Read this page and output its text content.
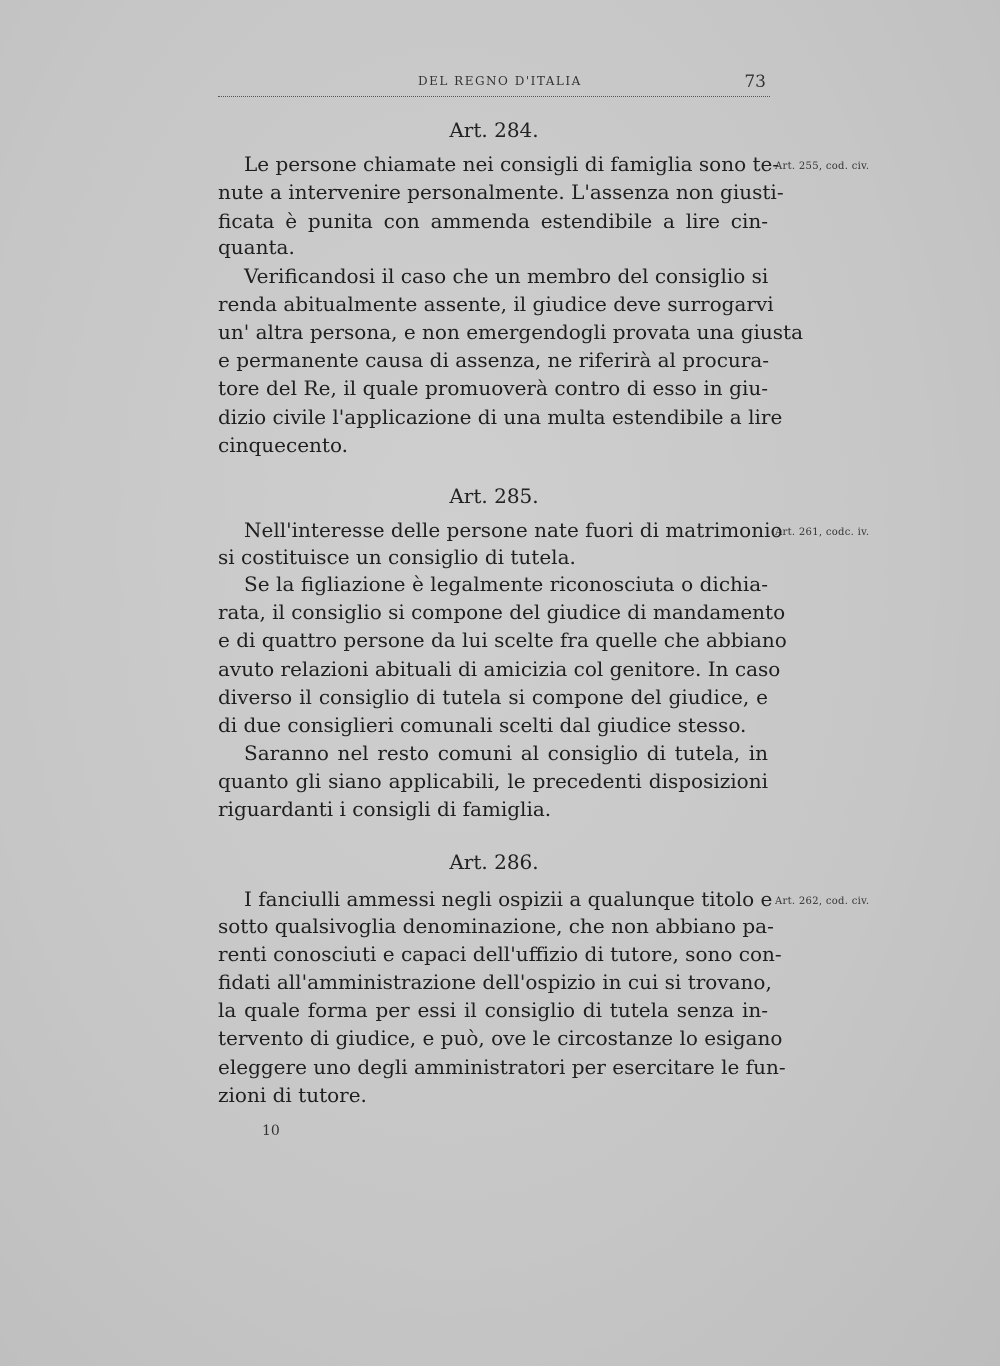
DEL REGNO D'ITALIA	73
Art. 284.
Art. 255, cod. civ.
Le persone chiamate nei consigli di famiglia sono te-
nute a intervenire personalmente. L'assenza non giusti-
ficata è punita con ammenda estendibile a lire cin-
quanta.
Verificandosi il caso che un membro del consiglio si
renda abitualmente assente, il giudice deve surrogarvi
un' altra persona, e non emergendogli provata una giusta
e permanente causa di assenza, ne riferirà al procura-
tore del Re, il quale promuoverà contro di esso in giu-
dizio civile l'applicazione di una multa estendibile a lire
cinquecento.
Art. 285.
Art. 261, codc. iv.
Nell'interesse delle persone nate fuori di matrimonio
si costituisce un consiglio di tutela.
Se la figliazione è legalmente riconosciuta o dichia-
rata, il consiglio si compone del giudice di mandamento
e di quattro persone da lui scelte fra quelle che abbiano
avuto relazioni abituali di amicizia col genitore. In caso
diverso il consiglio di tutela si compone del giudice, e
di due consiglieri comunali scelti dal giudice stesso.
Saranno nel resto comuni al consiglio di tutela, in
quanto gli siano applicabili, le precedenti disposizioni
riguardanti i consigli di famiglia.
Art. 286.
Art. 262, cod. civ.
I fanciulli ammessi negli ospizii a qualunque titolo e
sotto qualsivoglia denominazione, che non abbiano pa-
renti conosciuti e capaci dell'uffizio di tutore, sono con-
fidati all'amministrazione dell'ospizio in cui si trovano,
la quale forma per essi il consiglio di tutela senza in-
tervento di giudice, e può, ove le circostanze lo esigano
eleggere uno degli amministratori per esercitare le fun-
zioni di tutore.
10
